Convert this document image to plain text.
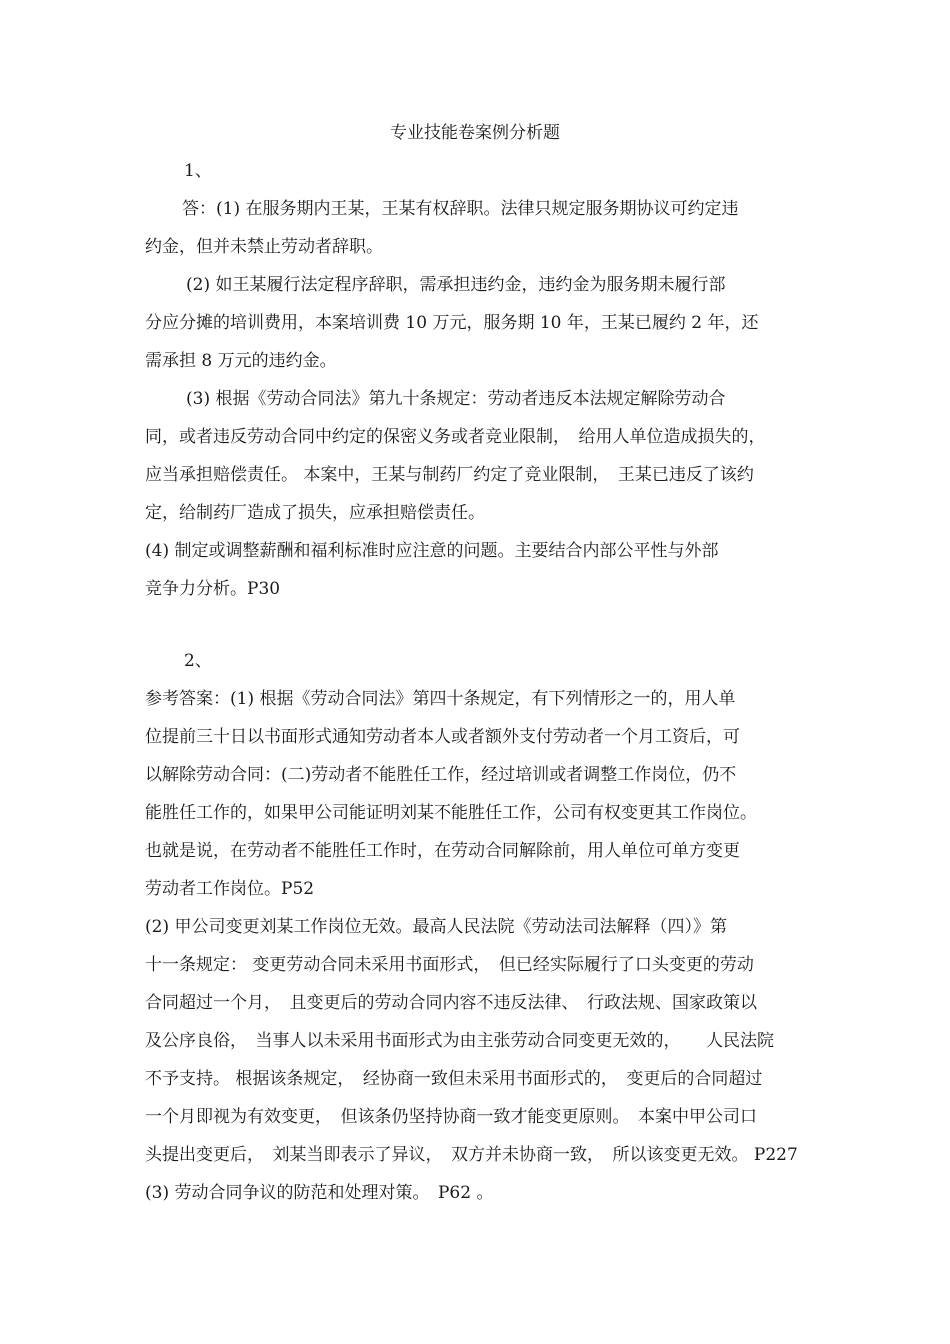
专业技能卷案例分析题
1、
答：(1) 在服务期内王某，王某有权辞职。法律只规定服务期协议可约定违
约金，但并未禁止劳动者辞职。
(2) 如王某履行法定程序辞职，需承担违约金，违约金为服务期未履行部
分应分摊的培训费用，本案培训费 10 万元，服务期 10 年，王某已履约 2 年，还
需承担 8 万元的违约金。
(3) 根据《劳动合同法》第九十条规定：劳动者违反本法规定解除劳动合
同，或者违反劳动合同中约定的保密义务或者竞业限制，　给用人单位造成损失的，
应当承担赔偿责任。 本案中，王某与制药厂约定了竞业限制，　王某已违反了该约
定，给制药厂造成了损失，应承担赔偿责任。
(4) 制定或调整薪酬和福利标准时应注意的问题。主要结合内部公平性与外部
竞争力分析。P30
2、
参考答案：(1) 根据《劳动合同法》第四十条规定，有下列情形之一的，用人单
位提前三十日以书面形式通知劳动者本人或者额外支付劳动者一个月工资后，可
以解除劳动合同：(二)劳动者不能胜任工作，经过培训或者调整工作岗位，仍不
能胜任工作的，如果甲公司能证明刘某不能胜任工作，公司有权变更其工作岗位。
也就是说，在劳动者不能胜任工作时，在劳动合同解除前，用人单位可单方变更
劳动者工作岗位。P52
(2) 甲公司变更刘某工作岗位无效。最高人民法院《劳动法司法解释（四）》第
十一条规定： 变更劳动合同未采用书面形式，　但已经实际履行了口头变更的劳动
合同超过一个月，　且变更后的劳动合同内容不违反法律、　行政法规、国家政策以
及公序良俗，　当事人以未采用书面形式为由主张劳动合同变更无效的，　　人民法院
不予支持。 根据该条规定，　经协商一致但未采用书面形式的，　变更后的合同超过
一个月即视为有效变更，　但该条仍坚持协商一致才能变更原则。　本案中甲公司口
头提出变更后，　刘某当即表示了异议，　双方并未协商一致，　所以该变更无效。 P227
(3) 劳动合同争议的防范和处理对策。　P62 。
